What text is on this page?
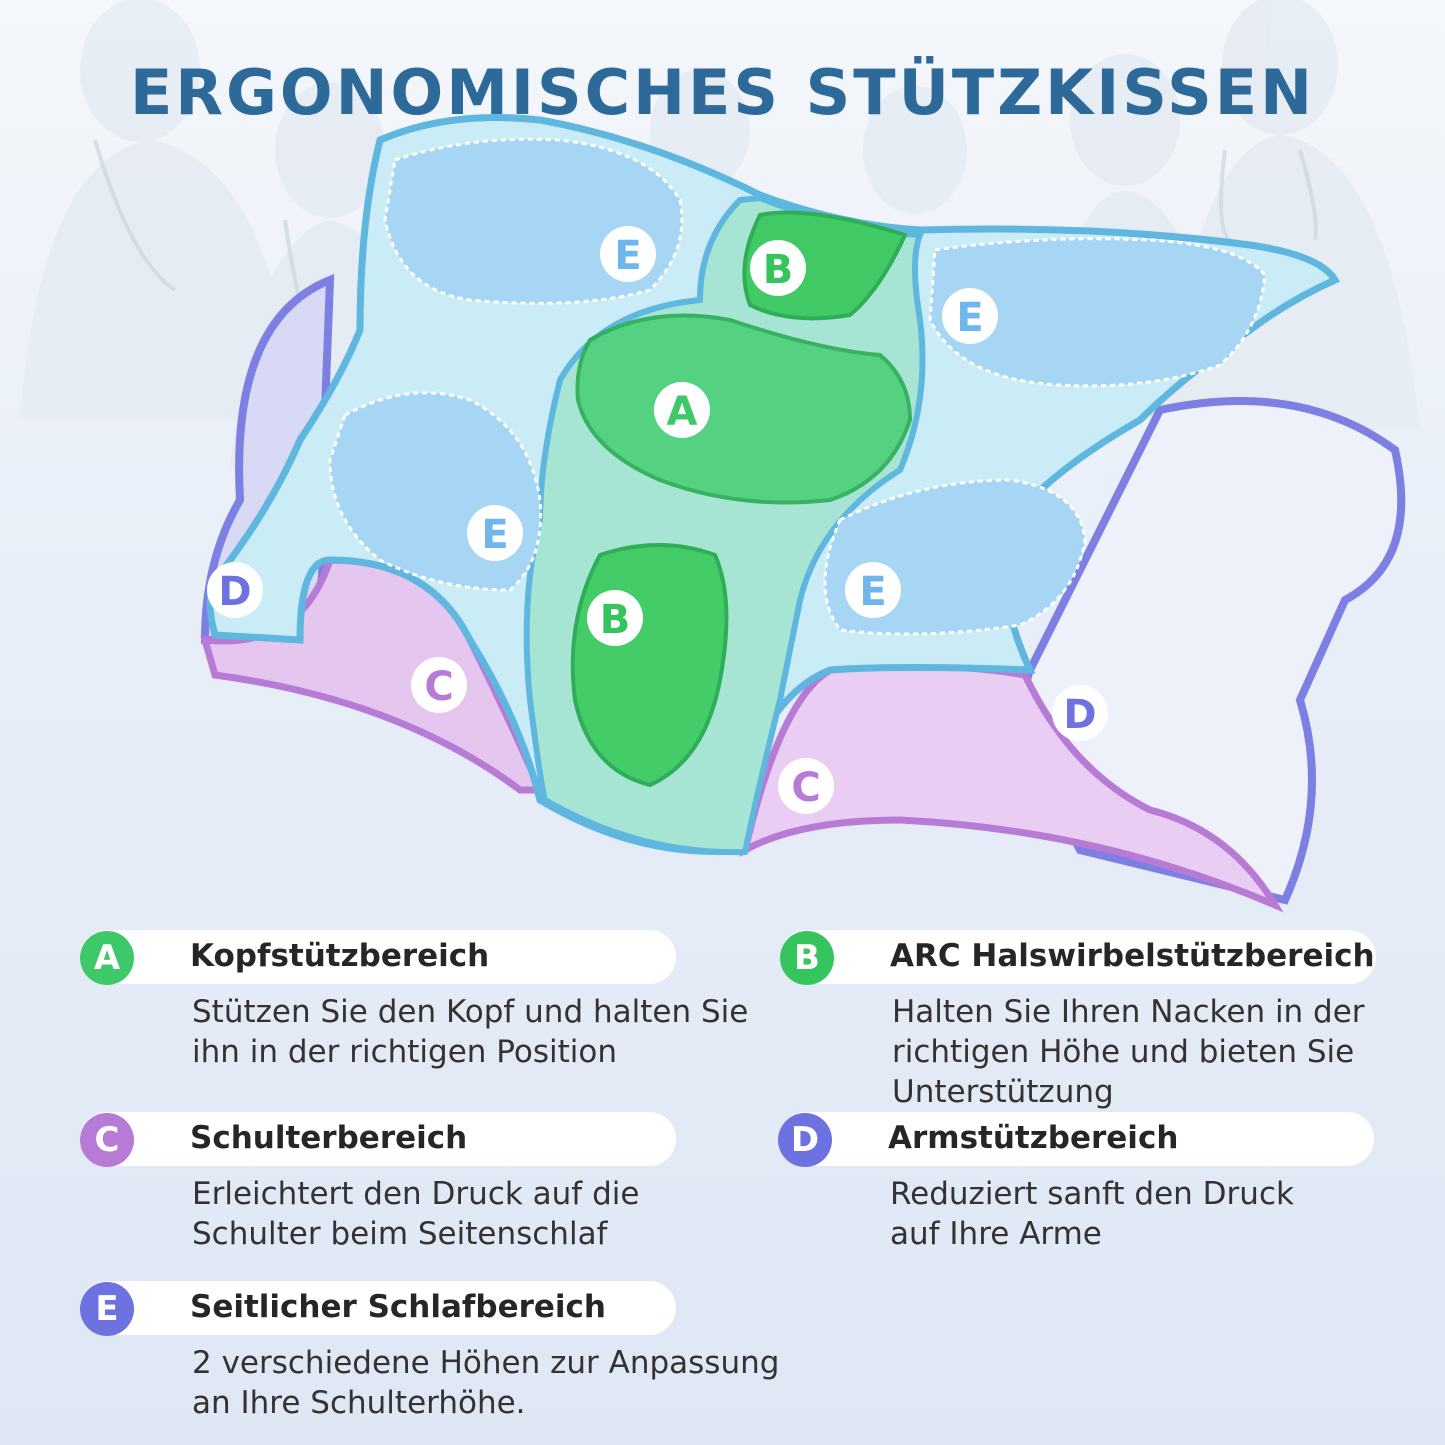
ERGONOMISCHES STÜTZKISSEN
E	B
E
A
E
E
D
B
C
D
C
A	Kopfstützbereich
Stützen Sie den Kopf und halten Sie ihn in der richtigen Position
B	ARC Halswirbelstützbereich
Halten Sie Ihren Nacken in der richtigen Höhe und bieten Sie Unterstützung
C	Schulterbereich
Erleichtert den Druck auf die Schulter beim Seitenschlaf
D	Armstützbereich
Reduziert sanft den Druck auf Ihre Arme
E	Seitlicher Schlafbereich
2 verschiedene Höhen zur Anpassung an Ihre Schulterhöhe.
